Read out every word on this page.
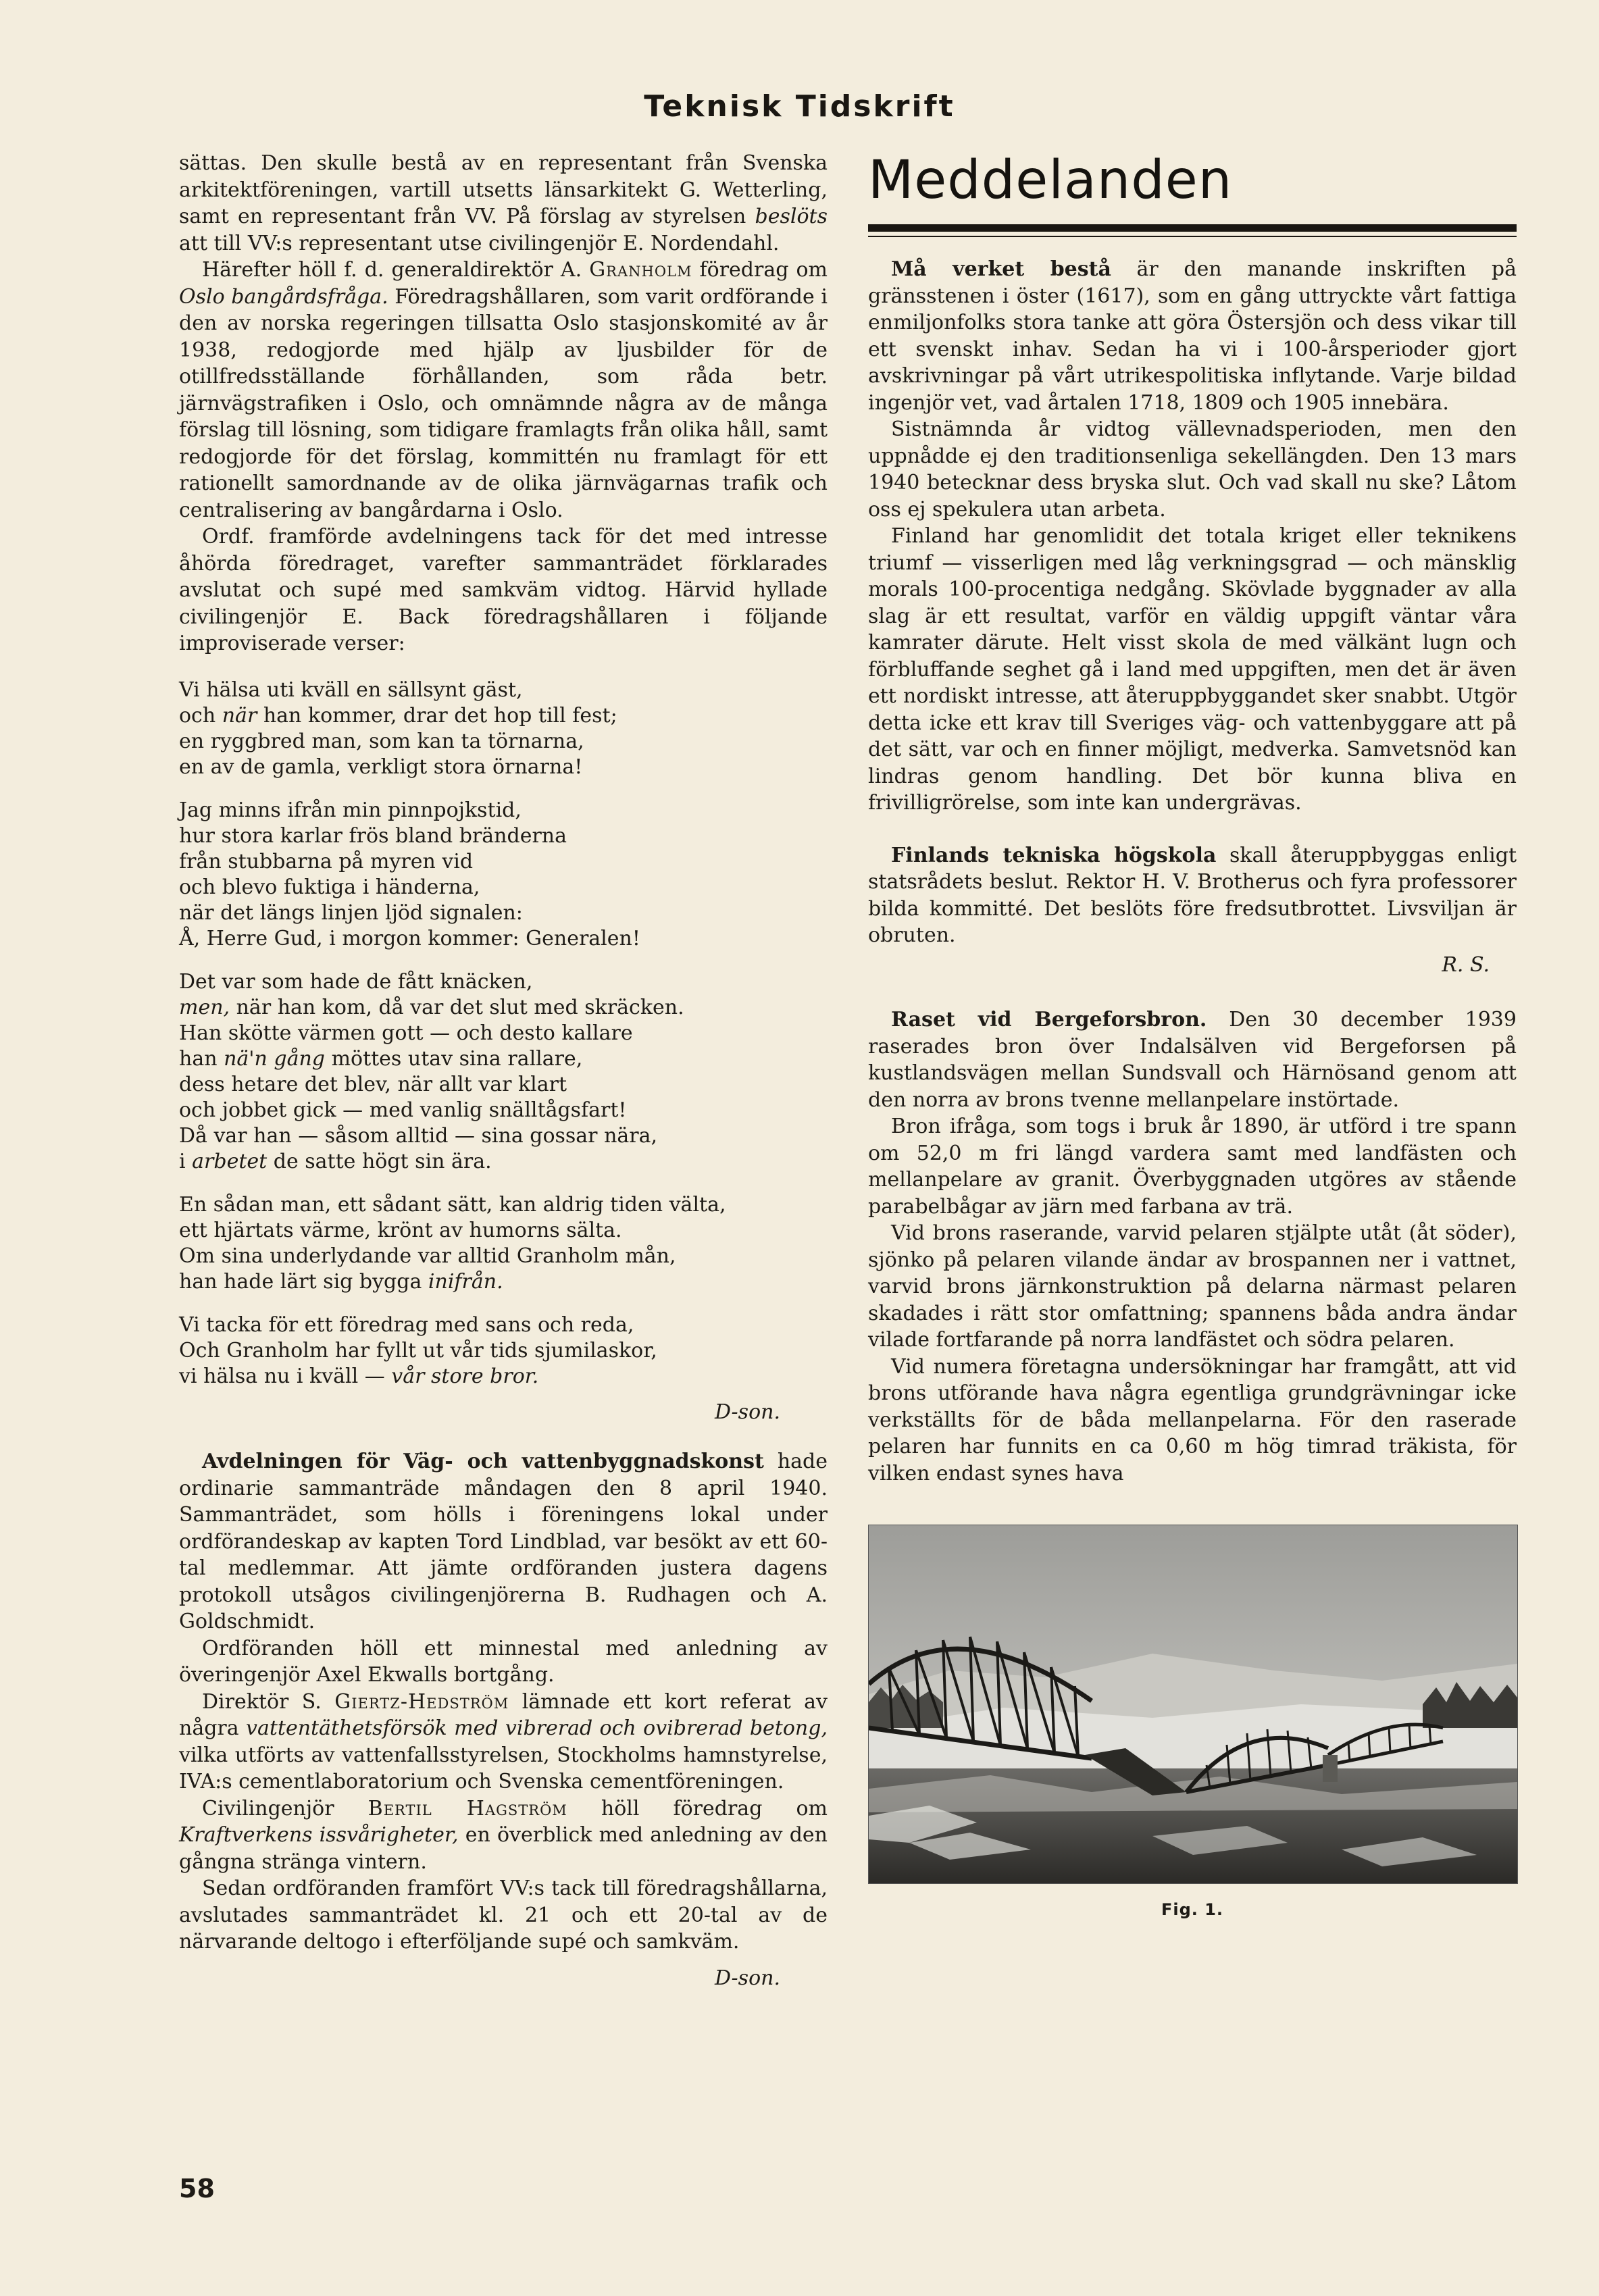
Teknisk Tidskrift

sättas. Den skulle bestå av en representant från Svenska arkitektföreningen, vartill utsetts länsarkitekt G. Wetterling, samt en representant från VV. På förslag av styrelsen beslöts att till VV:s representant utse civilingenjör E. Nordendahl.

Härefter höll f. d. generaldirektör A. Granholm föredrag om Oslo bangårdsfråga. Föredragshållaren, som varit ordförande i den av norska regeringen tillsatta Oslo stasjonskomité av år 1938, redogjorde med hjälp av ljusbilder för de otillfredsställande förhållanden, som råda betr. järnvägstrafiken i Oslo, och omnämnde några av de många förslag till lösning, som tidigare framlagts från olika håll, samt redogjorde för det förslag, kommittén nu framlagt för ett rationellt samordnande av de olika järnvägarnas trafik och centralisering av bangårdarna i Oslo.

Ordf. framförde avdelningens tack för det med intresse åhörda föredraget, varefter sammanträdet förklarades avslutat och supé med samkväm vidtog. Härvid hyllade civilingenjör E. Back föredragshållaren i följande improviserade verser:

Vi hälsa uti kväll en sällsynt gäst,
och när han kommer, drar det hop till fest;
en ryggbred man, som kan ta törnarna,
en av de gamla, verkligt stora örnarna!
Jag minns ifrån min pinnpojkstid,
hur stora karlar frös bland bränderna
från stubbarna på myren vid
och blevo fuktiga i händerna,
när det längs linjen ljöd signalen:
Å, Herre Gud, i morgon kommer: Generalen!
Det var som hade de fått knäcken,
men, när han kom, då var det slut med skräcken.
Han skötte värmen gott — och desto kallare
han nä'n gång möttes utav sina rallare,
dess hetare det blev, när allt var klart
och jobbet gick — med vanlig snälltågsfart!
Då var han — såsom alltid — sina gossar nära,
i arbetet de satte högt sin ära.
En sådan man, ett sådant sätt, kan aldrig tiden välta,
ett hjärtats värme, krönt av humorns sälta.
Om sina underlydande var alltid Granholm mån,
han hade lärt sig bygga inifrån.
Vi tacka för ett föredrag med sans och reda,
Och Granholm har fyllt ut vår tids sjumilaskor,
vi hälsa nu i kväll — vår store bror.
D-son.

Avdelningen för Väg- och vattenbyggnadskonst hade ordinarie sammanträde måndagen den 8 april 1940. Sammanträdet, som hölls i föreningens lokal under ordförandeskap av kapten Tord Lindblad, var besökt av ett 60-tal medlemmar. Att jämte ordföranden justera dagens protokoll utsågos civilingenjörerna B. Rudhagen och A. Goldschmidt.

Ordföranden höll ett minnestal med anledning av överingenjör Axel Ekwalls bortgång.

Direktör S. Giertz-Hedström lämnade ett kort referat av några vattentäthetsförsök med vibrerad och ovibrerad betong, vilka utförts av vattenfallsstyrelsen, Stockholms hamnstyrelse, IVA:s cementlaboratorium och Svenska cementföreningen.

Civilingenjör Bertil Hagström höll föredrag om Kraftverkens issvårigheter, en överblick med anledning av den gångna stränga vintern.

Sedan ordföranden framfört VV:s tack till föredragshållarna, avslutades sammanträdet kl. 21 och ett 20-tal av de närvarande deltogo i efterföljande supé och samkväm.

D-son.
Meddelanden

Må verket bestå är den manande inskriften på gränsstenen i öster (1617), som en gång uttryckte vårt fattiga enmiljonfolks stora tanke att göra Östersjön och dess vikar till ett svenskt inhav. Sedan ha vi i 100-årsperioder gjort avskrivningar på vårt utrikespolitiska inflytande. Varje bildad ingenjör vet, vad årtalen 1718, 1809 och 1905 innebära.

Sistnämnda år vidtog vällevnadsperioden, men den uppnådde ej den traditionsenliga sekellängden. Den 13 mars 1940 betecknar dess bryska slut. Och vad skall nu ske? Låtom oss ej spekulera utan arbeta.

Finland har genomlidit det totala kriget eller teknikens triumf — visserligen med låg verkningsgrad — och mänsklig morals 100-procentiga nedgång. Skövlade byggnader av alla slag är ett resultat, varför en väldig uppgift väntar våra kamrater därute. Helt visst skola de med välkänt lugn och förbluffande seghet gå i land med uppgiften, men det är även ett nordiskt intresse, att återuppbyggandet sker snabbt. Utgör detta icke ett krav till Sveriges väg- och vattenbyggare att på det sätt, var och en finner möjligt, medverka. Samvetsnöd kan lindras genom handling. Det bör kunna bliva en frivilligrörelse, som inte kan undergrävas.

Finlands tekniska högskola skall återuppbyggas enligt statsrådets beslut. Rektor H. V. Brotherus och fyra professorer bilda kommitté. Det beslöts före fredsutbrottet. Livsviljan är obruten.

R. S.

Raset vid Bergeforsbron. Den 30 december 1939 raserades bron över Indalsälven vid Bergeforsen på kustlandsvägen mellan Sundsvall och Härnösand genom att den norra av brons tvenne mellanpelare instörtade.

Bron ifråga, som togs i bruk år 1890, är utförd i tre spann om 52,0 m fri längd vardera samt med landfästen och mellanpelare av granit. Överbyggnaden utgöres av stående parabelbågar av järn med farbana av trä.

Vid brons raserande, varvid pelaren stjälpte utåt (åt söder), sjönko på pelaren vilande ändar av brospannen ner i vattnet, varvid brons järnkonstruktion på delarna närmast pelaren skadades i rätt stor omfattning; spannens båda andra ändar vilade fortfarande på norra landfästet och södra pelaren.

Vid numera företagna undersökningar har framgått, att vid brons utförande hava några egentliga grundgrävningar icke verkställts för de båda mellanpelarna. För den raserade pelaren har funnits en ca 0,60 m hög timrad träkista, för vilken endast synes hava

Fig. 1.
58
